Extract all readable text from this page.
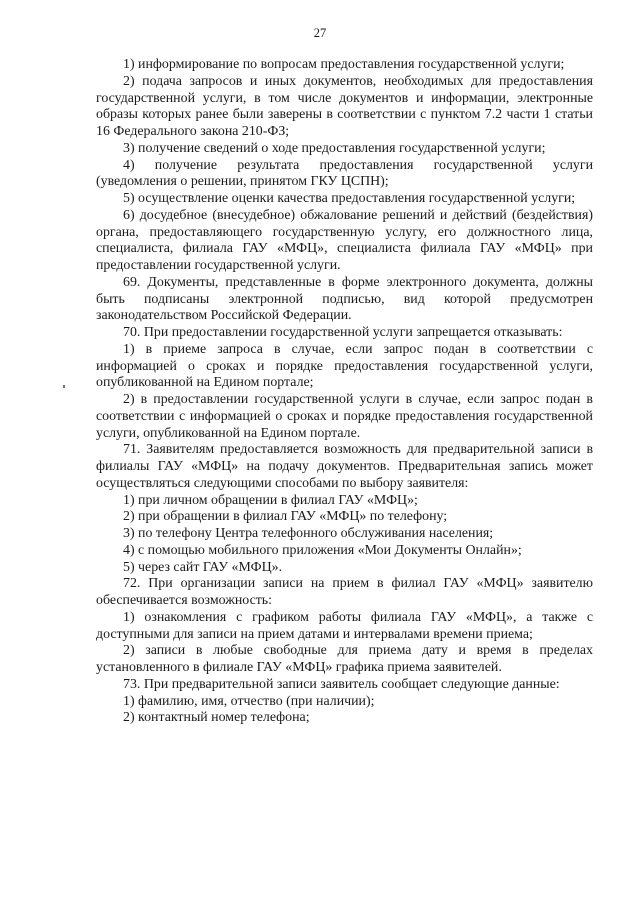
27

1) информирование по вопросам предоставления государственной услуги;

2) подача запросов и иных документов, необходимых для предоставления государственной услуги, в том числе документов и информации, электронные образы которых ранее были заверены в соответствии с пунктом 7.2 части 1 статьи 16 Федерального закона 210-ФЗ;

3) получение сведений о ходе предоставления государственной услуги;

4) получение результата предоставления государственной услуги (уведомления о решении, принятом ГКУ ЦСПН);

5) осуществление оценки качества предоставления государственной услуги;

6) досудебное (внесудебное) обжалование решений и действий (бездействия) органа, предоставляющего государственную услугу, его должностного лица, специалиста, филиала ГАУ «МФЦ», специалиста филиала ГАУ «МФЦ» при предоставлении государственной услуги.

69. Документы, представленные в форме электронного документа, должны быть подписаны электронной подписью, вид которой предусмотрен законодательством Российской Федерации.

70. При предоставлении государственной услуги запрещается отказывать:

1) в приеме запроса в случае, если запрос подан в соответствии с информацией о сроках и порядке предоставления государственной услуги, опубликованной на Едином портале;

2) в предоставлении государственной услуги в случае, если запрос подан в соответствии с информацией о сроках и порядке предоставления государственной услуги, опубликованной на Едином портале.

71. Заявителям предоставляется возможность для предварительной записи в филиалы ГАУ «МФЦ» на подачу документов. Предварительная запись может осуществляться следующими способами по выбору заявителя:

1) при личном обращении в филиал ГАУ «МФЦ»;

2) при обращении в филиал ГАУ «МФЦ» по телефону;

3) по телефону Центра телефонного обслуживания населения;

4) с помощью мобильного приложения «Мои Документы Онлайн»;

5) через сайт ГАУ «МФЦ».

72. При организации записи на прием в филиал ГАУ «МФЦ» заявителю обеспечивается возможность:

1) ознакомления с графиком работы филиала ГАУ «МФЦ», а также с доступными для записи на прием датами и интервалами времени приема;

2) записи в любые свободные для приема дату и время в пределах установленного в филиале ГАУ «МФЦ» графика приема заявителей.

73. При предварительной записи заявитель сообщает следующие данные:

1) фамилию, имя, отчество (при наличии);

2) контактный номер телефона;
